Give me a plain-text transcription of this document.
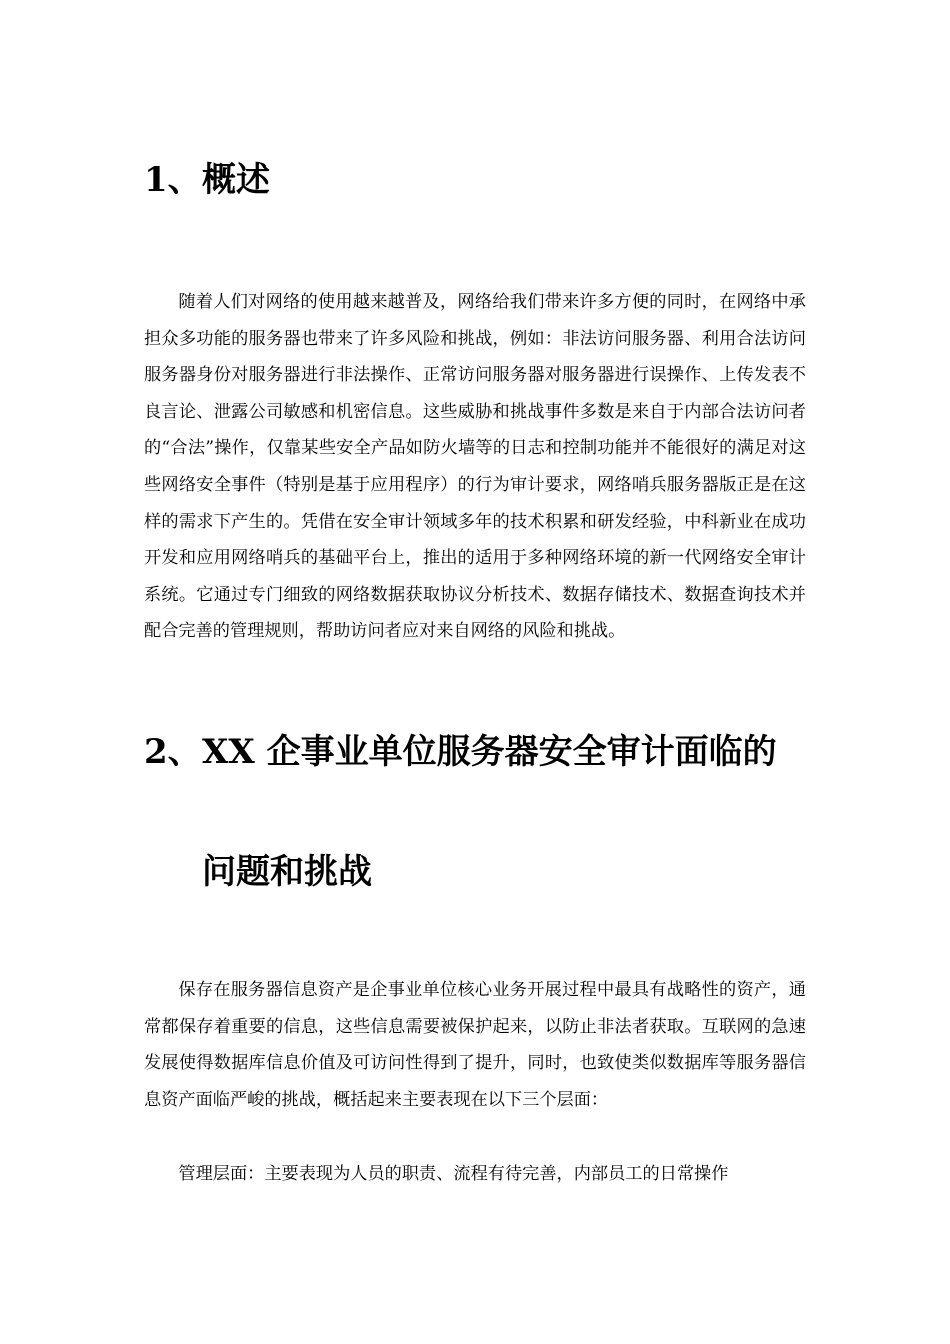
1、概述

随着人们对网络的使用越来越普及，网络给我们带来许多方便的同时，在网络中承担众多功能的服务器也带来了许多风险和挑战，例如：非法访问服务器、利用合法访问服务器身份对服务器进行非法操作、正常访问服务器对服务器进行误操作、上传发表不良言论、泄露公司敏感和机密信息。这些威胁和挑战事件多数是来自于内部合法访问者的“合法”操作，仅靠某些安全产品如防火墙等的日志和控制功能并不能很好的满足对这些网络安全事件（特别是基于应用程序）的行为审计要求，网络哨兵服务器版正是在这样的需求下产生的。凭借在安全审计领域多年的技术积累和研发经验，中科新业在成功开发和应用网络哨兵的基础平台上，推出的适用于多种网络环境的新一代网络安全审计系统。它通过专门细致的网络数据获取协议分析技术、数据存储技术、数据查询技术并配合完善的管理规则，帮助访问者应对来自网络的风险和挑战。

2、XX 企事业单位服务器安全审计面临的
问题和挑战

保存在服务器信息资产是企事业单位核心业务开展过程中最具有战略性的资产，通常都保存着重要的信息，这些信息需要被保护起来，以防止非法者获取。互联网的急速发展使得数据库信息价值及可访问性得到了提升，同时，也致使类似数据库等服务器信息资产面临严峻的挑战，概括起来主要表现在以下三个层面：

管理层面：主要表现为人员的职责、流程有待完善，内部员工的日常操作
